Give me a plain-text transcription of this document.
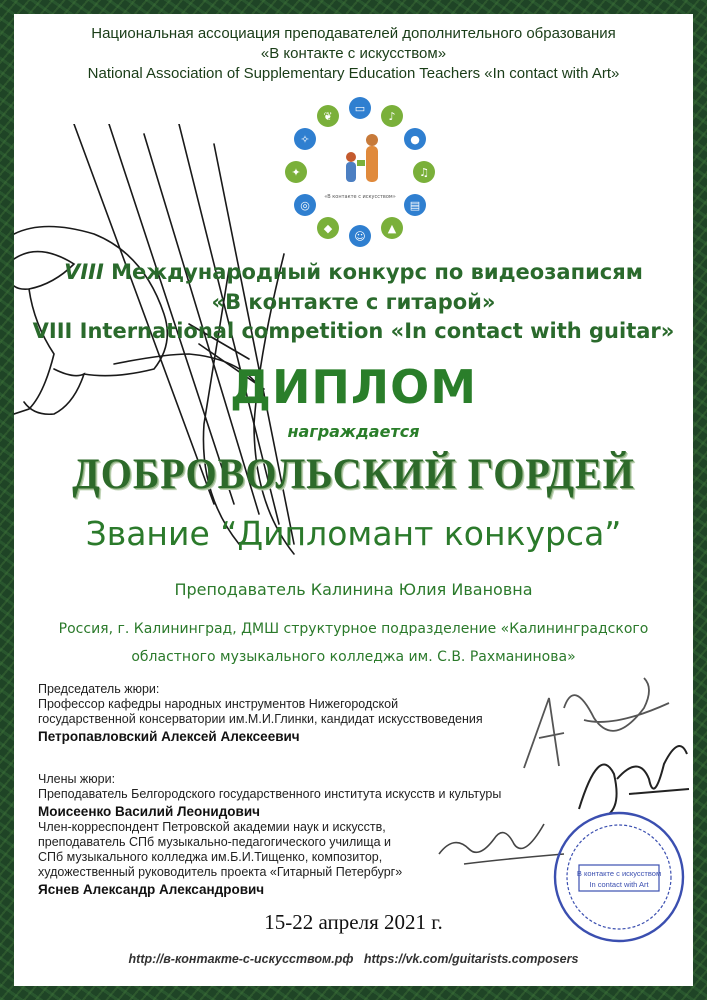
Национальная ассоциация преподавателей дополнительного образования
«В контакте с искусством»
National Association of Supplementary Education Teachers «In contact with Art»
▭
♪
●
♫
▤
▲
☺
◆
◎
✦
✧
❦
«В контакте с искусством»
VIII Международный конкурс по видеозаписям
«В контакте с гитарой»
VIII International competition «In contact with guitar»
ДИПЛОМ
награждается
ДОБРОВОЛЬСКИЙ ГОРДЕЙ
Звание “Дипломант конкурса”
Преподаватель Калинина Юлия Ивановна
Россия, г. Калининград, ДМШ структурное подразделение «Калининградского
областного музыкального колледжа им. С.В. Рахманинова»
Председатель жюри:
Профессор кафедры народных инструментов Нижегородской
государственной консерватории им.М.И.Глинки, кандидат искусствоведения
Петропавловский Алексей Алексеевич
Члены жюри:
Преподаватель Белгородского государственного института искусств и культуры
Моисеенко Василий Леонидович
Член-корреспондент Петровской академии наук и искусств,
преподаватель СПб музыкально-педагогического училища и
СПб музыкального колледжа им.Б.И.Тищенко, композитор,
художественный руководитель проекта «Гитарный Петербург»
Яснев Александр Александрович
В контакте с искусством
In contact with Art
15-22 апреля 2021 г.
http://в-контакте-с-искусством.рф https://vk.com/guitarists.composers
